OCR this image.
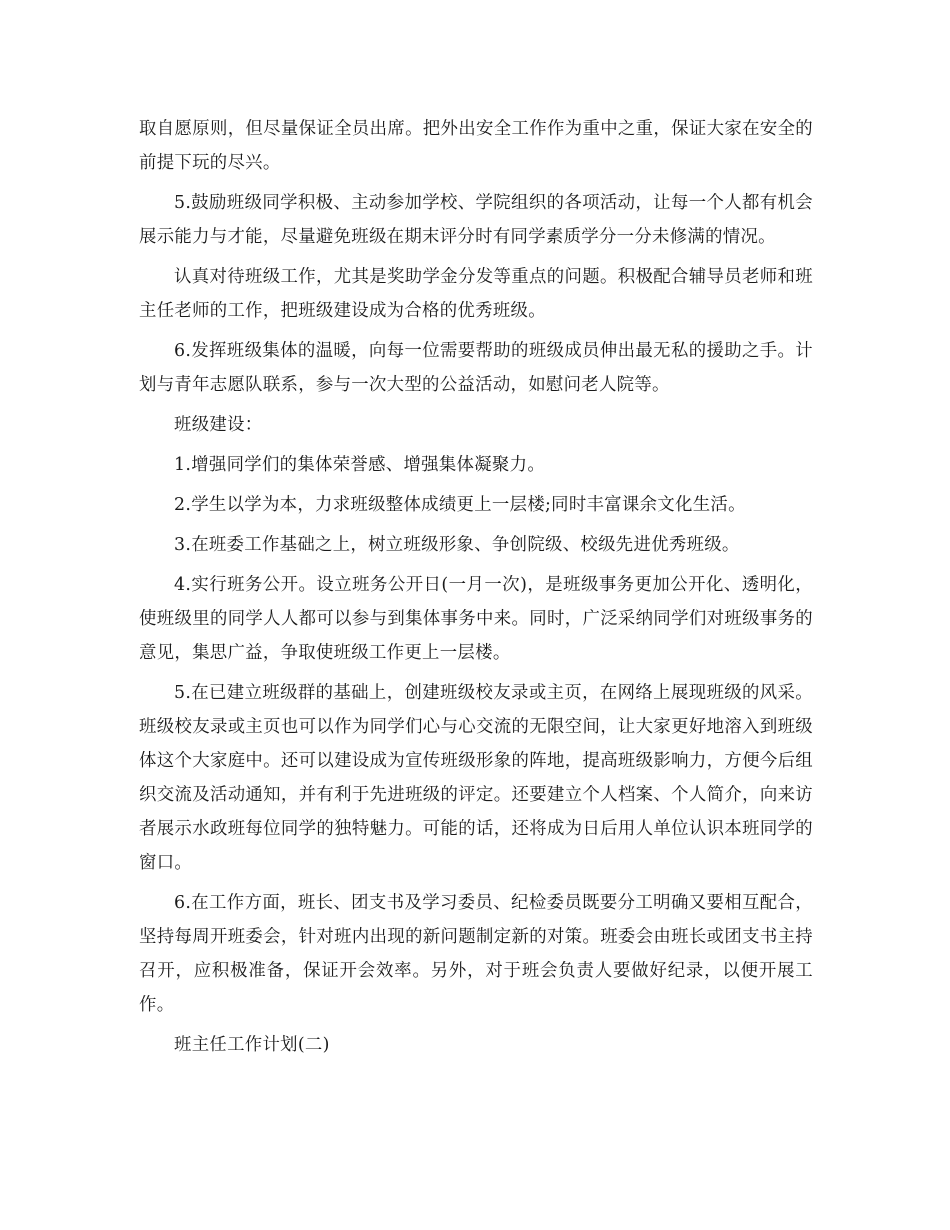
取自愿原则，但尽量保证全员出席。把外出安全工作作为重中之重，保证大家在安全的前提下玩的尽兴。

5.鼓励班级同学积极、主动参加学校、学院组织的各项活动，让每一个人都有机会展示能力与才能，尽量避免班级在期末评分时有同学素质学分一分未修满的情况。

认真对待班级工作，尤其是奖助学金分发等重点的问题。积极配合辅导员老师和班主任老师的工作，把班级建设成为合格的优秀班级。

6.发挥班级集体的温暖，向每一位需要帮助的班级成员伸出最无私的援助之手。计划与青年志愿队联系，参与一次大型的公益活动，如慰问老人院等。

班级建设：

1.增强同学们的集体荣誉感、增强集体凝聚力。

2.学生以学为本，力求班级整体成绩更上一层楼;同时丰富课余文化生活。

3.在班委工作基础之上，树立班级形象、争创院级、校级先进优秀班级。

4.实行班务公开。设立班务公开日(一月一次)，是班级事务更加公开化、透明化，使班级里的同学人人都可以参与到集体事务中来。同时，广泛采纳同学们对班级事务的意见，集思广益，争取使班级工作更上一层楼。

5.在已建立班级群的基础上，创建班级校友录或主页，在网络上展现班级的风采。班级校友录或主页也可以作为同学们心与心交流的无限空间，让大家更好地溶入到班级体这个大家庭中。还可以建设成为宣传班级形象的阵地，提高班级影响力，方便今后组织交流及活动通知，并有利于先进班级的评定。还要建立个人档案、个人简介，向来访者展示水政班每位同学的独特魅力。可能的话，还将成为日后用人单位认识本班同学的窗口。

6.在工作方面，班长、团支书及学习委员、纪检委员既要分工明确又要相互配合，坚持每周开班委会，针对班内出现的新问题制定新的对策。班委会由班长或团支书主持召开，应积极准备，保证开会效率。另外，对于班会负责人要做好纪录，以便开展工作。

班主任工作计划(二)
